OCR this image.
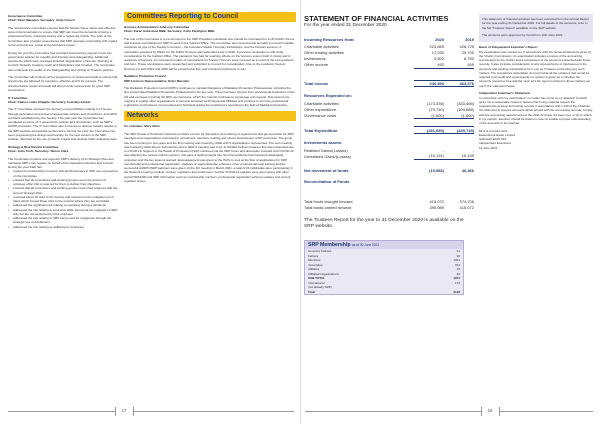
Governance Committee
Chair: Peter Marsden, Secretary: Andy French
The Governance Committee ensures that the Society has a robust and effective suite of documentation to ensure that SRP can meet the demands of being a professional body, a learned society and a registered charity. The work of the Committee also provides reassurance that SRP operates responsibly with regard to the environment, social and governance issues.
During the year the Committee has provided documentary support to two key governance policies for equality and diversity and safeguarding. Additional documents which were reviewed included Organisation of Events, Running of Council, Network Creation, Audit and Disciplinary and Conduct. The Committee also undertook two audits of the Safeguarding and Vetting of Trustees policies.
The Committee will continue with a programme of review and audit to ensure that documents are followed by members, effective and fit for purpose. The documentation review and audit will also provide reassurance for good SRP Governance.
IT Committee
Chair: Claire-Louise Chapple, Secretary: Fearnley Estwin
The IT Committee oversees the Society's responsibilities relating to IT issues through generation and review of appropriate policies and procedures, and within contracts established by the Society. This past year the Committee has completed a review of IT governance policies and procedures, such as SRP's GDPR procedure. The IT Committee also convenes to discuss matters related to the SRP website and website performance. During the year, the Committee has been progressing the design and function for the next version of the SRP website, informed by the use of search engine and website traffic analytical tools.
Strategy & Risk Review Committee
Chair: John Croft, Secretary: Simon Clark
The Committee monitors and supports SRP's delivery of its Strategic Plan and maintains SRP's risk register on behalf of the Operations Director and Council. During the year Staff has:
• revised its membership to ensure that all Directorates in SRP are represented on the Committee
• ensured that all committees and working groups report the amount of volunteer effort that is required for them to deliver their objectives
• ensured that all committees and working groups report their progress with the current Strategic Plan
• reviewed about 15 risks to the Society and reported on the mitigation put in place which moved these risks to the position where they are controlled
• addressed the significant risk relating to operating during a pandemic
• addressed the risk relating to insurance while personnel are engaged on SRP duty but are not supported by their employer
• addressed the risk relating to SRP being used for negligence through the strategic use of disclaimers
• addressed the risk relating to wellbeing of volunteers
Committees Reporting to Council
Honours & Nominations Advisory Committee
Chair: Karen Goldstone MBE, Secretary: Colin Partington MBE
The role of the Committee is to recommend to the SRP President individuals who should be nominated for a UK Public Honour and prepare nominations for SRP to send to the Cabinet Office. The Committee also recommends annually to Council suitable recipients for one of the Society's honours – the Founders' Medal, Honorary Fellowships, and the Duncan Lecturer. A nomination prepared by HNAC for UK Public Honours was submitted early in 2020. A previous nomination is still under consideration by the Cabinet Office. The pandemic has had far reaching effects on the honours system both in timing and in recipients of honours. An increased number of nominations for Society Honours were received as a result of the new guidance and form. These nominations were researched and submitted to Council for consideration. Due to the pandemic Society Honours for both 2019 and 2020 will be presented at this year's Annual Conference in July.
Radiation Protection Council
SRP Licensor Representative: Peter Marsden
The Radiation Protection Council (RPC) continues to maintain Registers of Radiation Protection Professionals, including the first incorporated Radiation Protection Professional in the last year. There has been interest from professional institutions in the US and overseas in joining the RPC as Licensees, which the Council continues to encourage and support. Discussions are ongoing to enable other organisations to become accepted as Professional Affiliates and continue to promote professional registration at Chartered, Incorporated and Technical grades for practitioners operating in the field of Radiation Protection.
Networks
Co-ordinator: Mary Allan
The SRP Heads of Profession Network provides a forum for discussion and sharing of experiences and good practice for SRP members and organisations interested in recruitment, retention, training and career development of RP personnel. The group has been running for two years and the first meeting was hosted by AWE with 5 organisations represented. The next meeting was hosted by Rolls-Royce Submarines and in 2020 a meeting was to be at UKAEA Culham however this was postponed due to COVID-19. Support to the Heads of Profession (HoP) continued via the SRP forum and discussion included how COVID-19 was affecting the various industry sectors; this gave a striking insight into how the pandemic had impacted radiological protection and the key lessons learned. Encouragement was given to the HoPs to look at the flow of applications for SRP membership and professional registration. Updates on apprenticeship schemes, other professional level training and the successful AURPO/SRP webinars were given. At the 4th meeting in March 2021, a total of 24 individuals were participating in the Network covering medical, nuclear, regulators and small users. Further COVID-19 updates were given along with other typical RPA2000 and SRP information such as membership numbers, professional registration scheme updates and current regulator issues.
17
STATEMENT OF FINANCIAL ACTIVITIES
For the year ended 31 December 2020
Incoming Resources from:	2020	2019
Charitable activities	223,869	426,725
Other trading activities	17,030	29,700
Investments	5,502	6,792
Other income	492	459

Total income	246,893	463,676
Resources Expended on:		
Charitable activities	(174,335)	(333,466)
Other expenditure	(75,750)	(104,688)
Governance costs	(1,600)	(1,600)

Total Expenditure	(251,685)	(439,749)
Investments assets:		
Realised Gains/(Losses)	-	-
Unrealised Gains/(Losses)	(15,191)	16,439

Net movement of funds	(19,983)	40,366
Reconciliation of Funds		

Total funds brought forward	415,072	374,706
Total funds carried forward	395,089	415,072
The Trustees Report for the year to 31 December 2020 is available on the SRP website.
SRP Membership as at 30 June 2021
Honorary Fellows	41
Fellows	90
Members	1021
Associates	313
Affiliates	45
Affiliated Organisations	64
SUB TOTAL	1974
International	174
(not already SRP)	
Total	2148
This statement of financial activities has been extracted from the Annual Report for the year ending 31 December 2020. For full details of the accounts, refer to the full 'Trustees' Report' available on the SRP website.
The accounts were approved by Council on 10th June 2021.
Basis of Independent Examiner's Report
My examination was carried out in accordance with the General Directions given by the Charity Commission. An examination includes a review of the accounting records kept by the charity and a comparison of the accounts presented with those records. It also includes consideration of any unusual items or disclosures in the accounts and seeking explanations from you as Trustees concerning any such matters. The procedures undertaken do not provide all the evidence that would be required in an audit and consequently no opinion is given as to whether the accounts present a 'true and fair view' and the report is limited to those matters set out in the statement below.
Independent Examiner's Statement
In connection with my examination, no matter has come to my attention (i) which gives me a reasonable cause to believe that in any material respect the requirements to keep accounting records in accordance with s.130 of the Charities Act 2011 and to prepare accounts which accord with the accounting records, comply with the accounting requirements of the 2011 Act have not been met; or (ii) to which, in my opinion, attention should be drawn in order to enable a proper understanding of the accounts to be reached.
Mr A G Coombs ACA
Easterbrook Eaton Limited
Sidmouth EX10 8LS
Independent Examiners
16 June 2021
18
